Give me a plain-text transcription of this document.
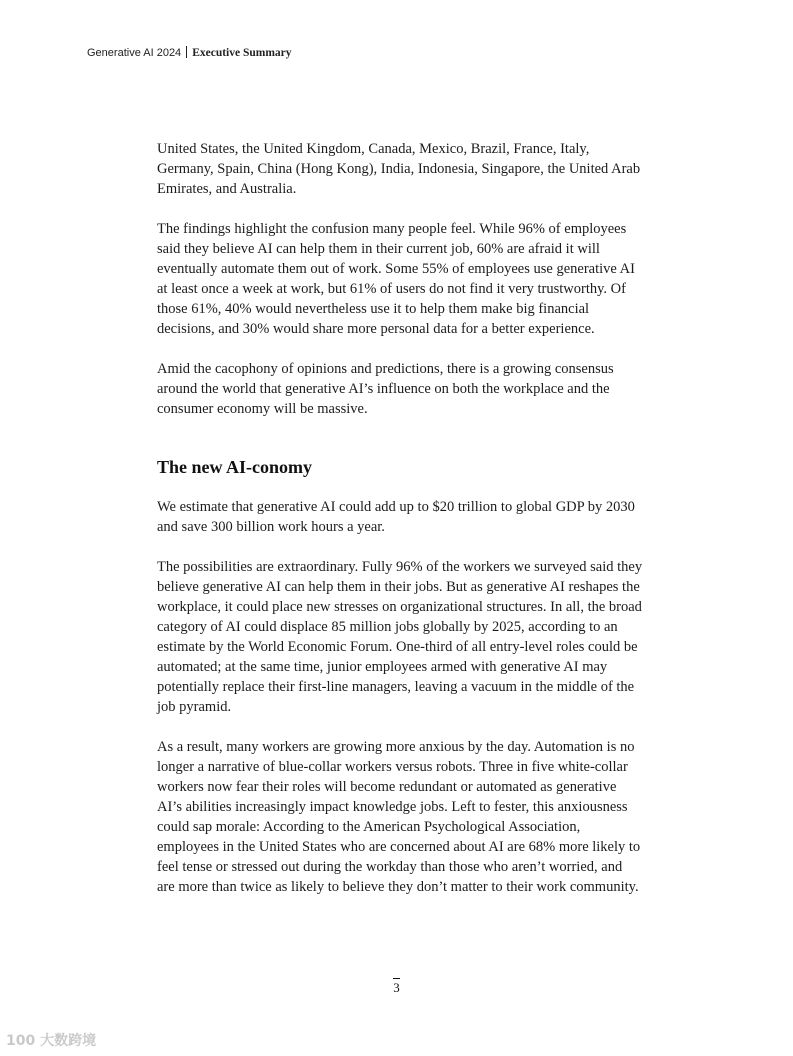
Generative AI 2024 Executive Summary

United States, the United Kingdom, Canada, Mexico, Brazil, France, Italy, Germany, Spain, China (Hong Kong), India, Indonesia, Singapore, the United Arab Emirates, and Australia.

The findings highlight the confusion many people feel. While 96% of employees said they believe AI can help them in their current job, 60% are afraid it will eventually automate them out of work. Some 55% of employees use generative AI at least once a week at work, but 61% of users do not find it very trustworthy. Of those 61%, 40% would nevertheless use it to help them make big financial decisions, and 30% would share more personal data for a better experience.

Amid the cacophony of opinions and predictions, there is a growing consensus around the world that generative AI’s influence on both the workplace and the consumer economy will be massive.

The new AI-conomy

We estimate that generative AI could add up to $20 trillion to global GDP by 2030 and save 300 billion work hours a year.

The possibilities are extraordinary. Fully 96% of the workers we surveyed said they believe generative AI can help them in their jobs. But as generative AI reshapes the workplace, it could place new stresses on organizational structures. In all, the broad category of AI could displace 85 million jobs globally by 2025, according to an estimate by the World Economic Forum. One-third of all entry-level roles could be automated; at the same time, junior employees armed with generative AI may potentially replace their first-line managers, leaving a vacuum in the middle of the job pyramid.

As a result, many workers are growing more anxious by the day. Automation is no longer a narrative of blue-collar workers versus robots. Three in five white-collar workers now fear their roles will become redundant or automated as generative AI’s abilities increasingly impact knowledge jobs. Left to fester, this anxiousness could sap morale: According to the American Psychological Association, employees in the United States who are concerned about AI are 68% more likely to feel tense or stressed out during the workday than those who aren’t worried, and are more than twice as likely to believe they don’t matter to their work community.

3
100 大数跨境
